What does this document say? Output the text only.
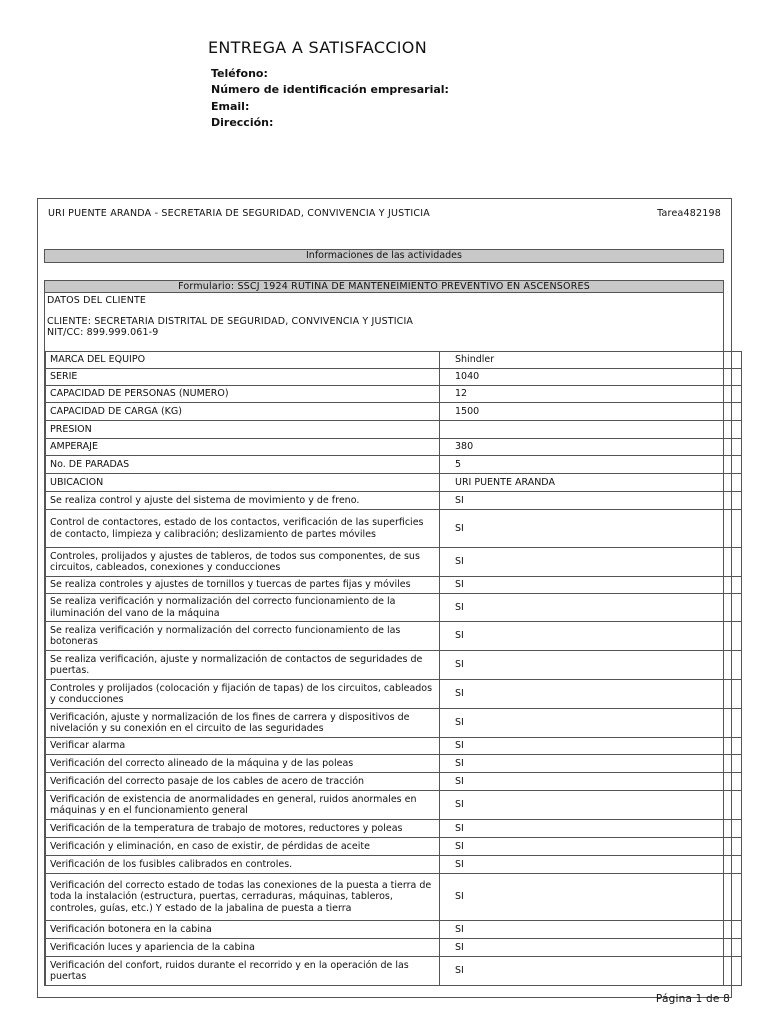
ENTREGA A SATISFACCION
Teléfono:
Número de identificación empresarial:
Email:
Dirección:
URI PUENTE ARANDA - SECRETARIA DE SEGURIDAD, CONVIVENCIA Y JUSTICIA	Tarea482198
Informaciones de las actividades
Formulario: SSCJ 1924 RUTINA DE MANTENEIMIENTO PREVENTIVO EN ASCENSORES
DATOS DEL CLIENTE
CLIENTE: SECRETARIA DISTRITAL DE SEGURIDAD, CONVIVENCIA Y JUSTICIA
NIT/CC: 899.999.061-9
MARCA DEL EQUIPO	Shindler
SERIE	1040
CAPACIDAD DE PERSONAS (NUMERO)	12
CAPACIDAD DE CARGA (KG)	1500
PRESION	
AMPERAJE	380
No. DE PARADAS	5
UBICACION	URI PUENTE ARANDA
Se realiza control y ajuste del sistema de movimiento y de freno.	SI
Control de contactores, estado de los contactos, verificación de las superficies de contacto, limpieza y calibración; deslizamiento de partes móviles	SI
Controles, prolijados y ajustes de tableros, de todos sus componentes, de sus circuitos, cableados, conexiones y conducciones	SI
Se realiza controles y ajustes de tornillos y tuercas de partes fijas y móviles	SI
Se realiza verificación y normalización del correcto funcionamiento de la iluminación del vano de la máquina	SI
Se realiza verificación y normalización del correcto funcionamiento de las botoneras	SI
Se realiza verificación, ajuste y normalización de contactos de seguridades de puertas.	SI
Controles y prolijados (colocación y fijación de tapas) de los circuitos, cableados y conducciones	SI
Verificación, ajuste y normalización de los fines de carrera y dispositivos de nivelación y su conexión en el circuito de las seguridades	SI
Verificar alarma	SI
Verificación del correcto alineado de la máquina y de las poleas	SI
Verificación del correcto pasaje de los cables de acero de tracción	SI
Verificación de existencia de anormalidades en general, ruidos anormales en máquinas y en el funcionamiento general	SI
Verificación de la temperatura de trabajo de motores, reductores y poleas	SI
Verificación y eliminación, en caso de existir, de pérdidas de aceite	SI
Verificación de los fusibles calibrados en controles.	SI
Verificación del correcto estado de todas las conexiones de la puesta a tierra de toda la instalación (estructura, puertas, cerraduras, máquinas, tableros, controles, guías, etc.) Y estado de la jabalina de puesta a tierra	SI
Verificación botonera en la cabina	SI
Verificación luces y apariencia de la cabina	SI
Verificación del confort, ruidos durante el recorrido y en la operación de las puertas	SI
Página 1 de 8
